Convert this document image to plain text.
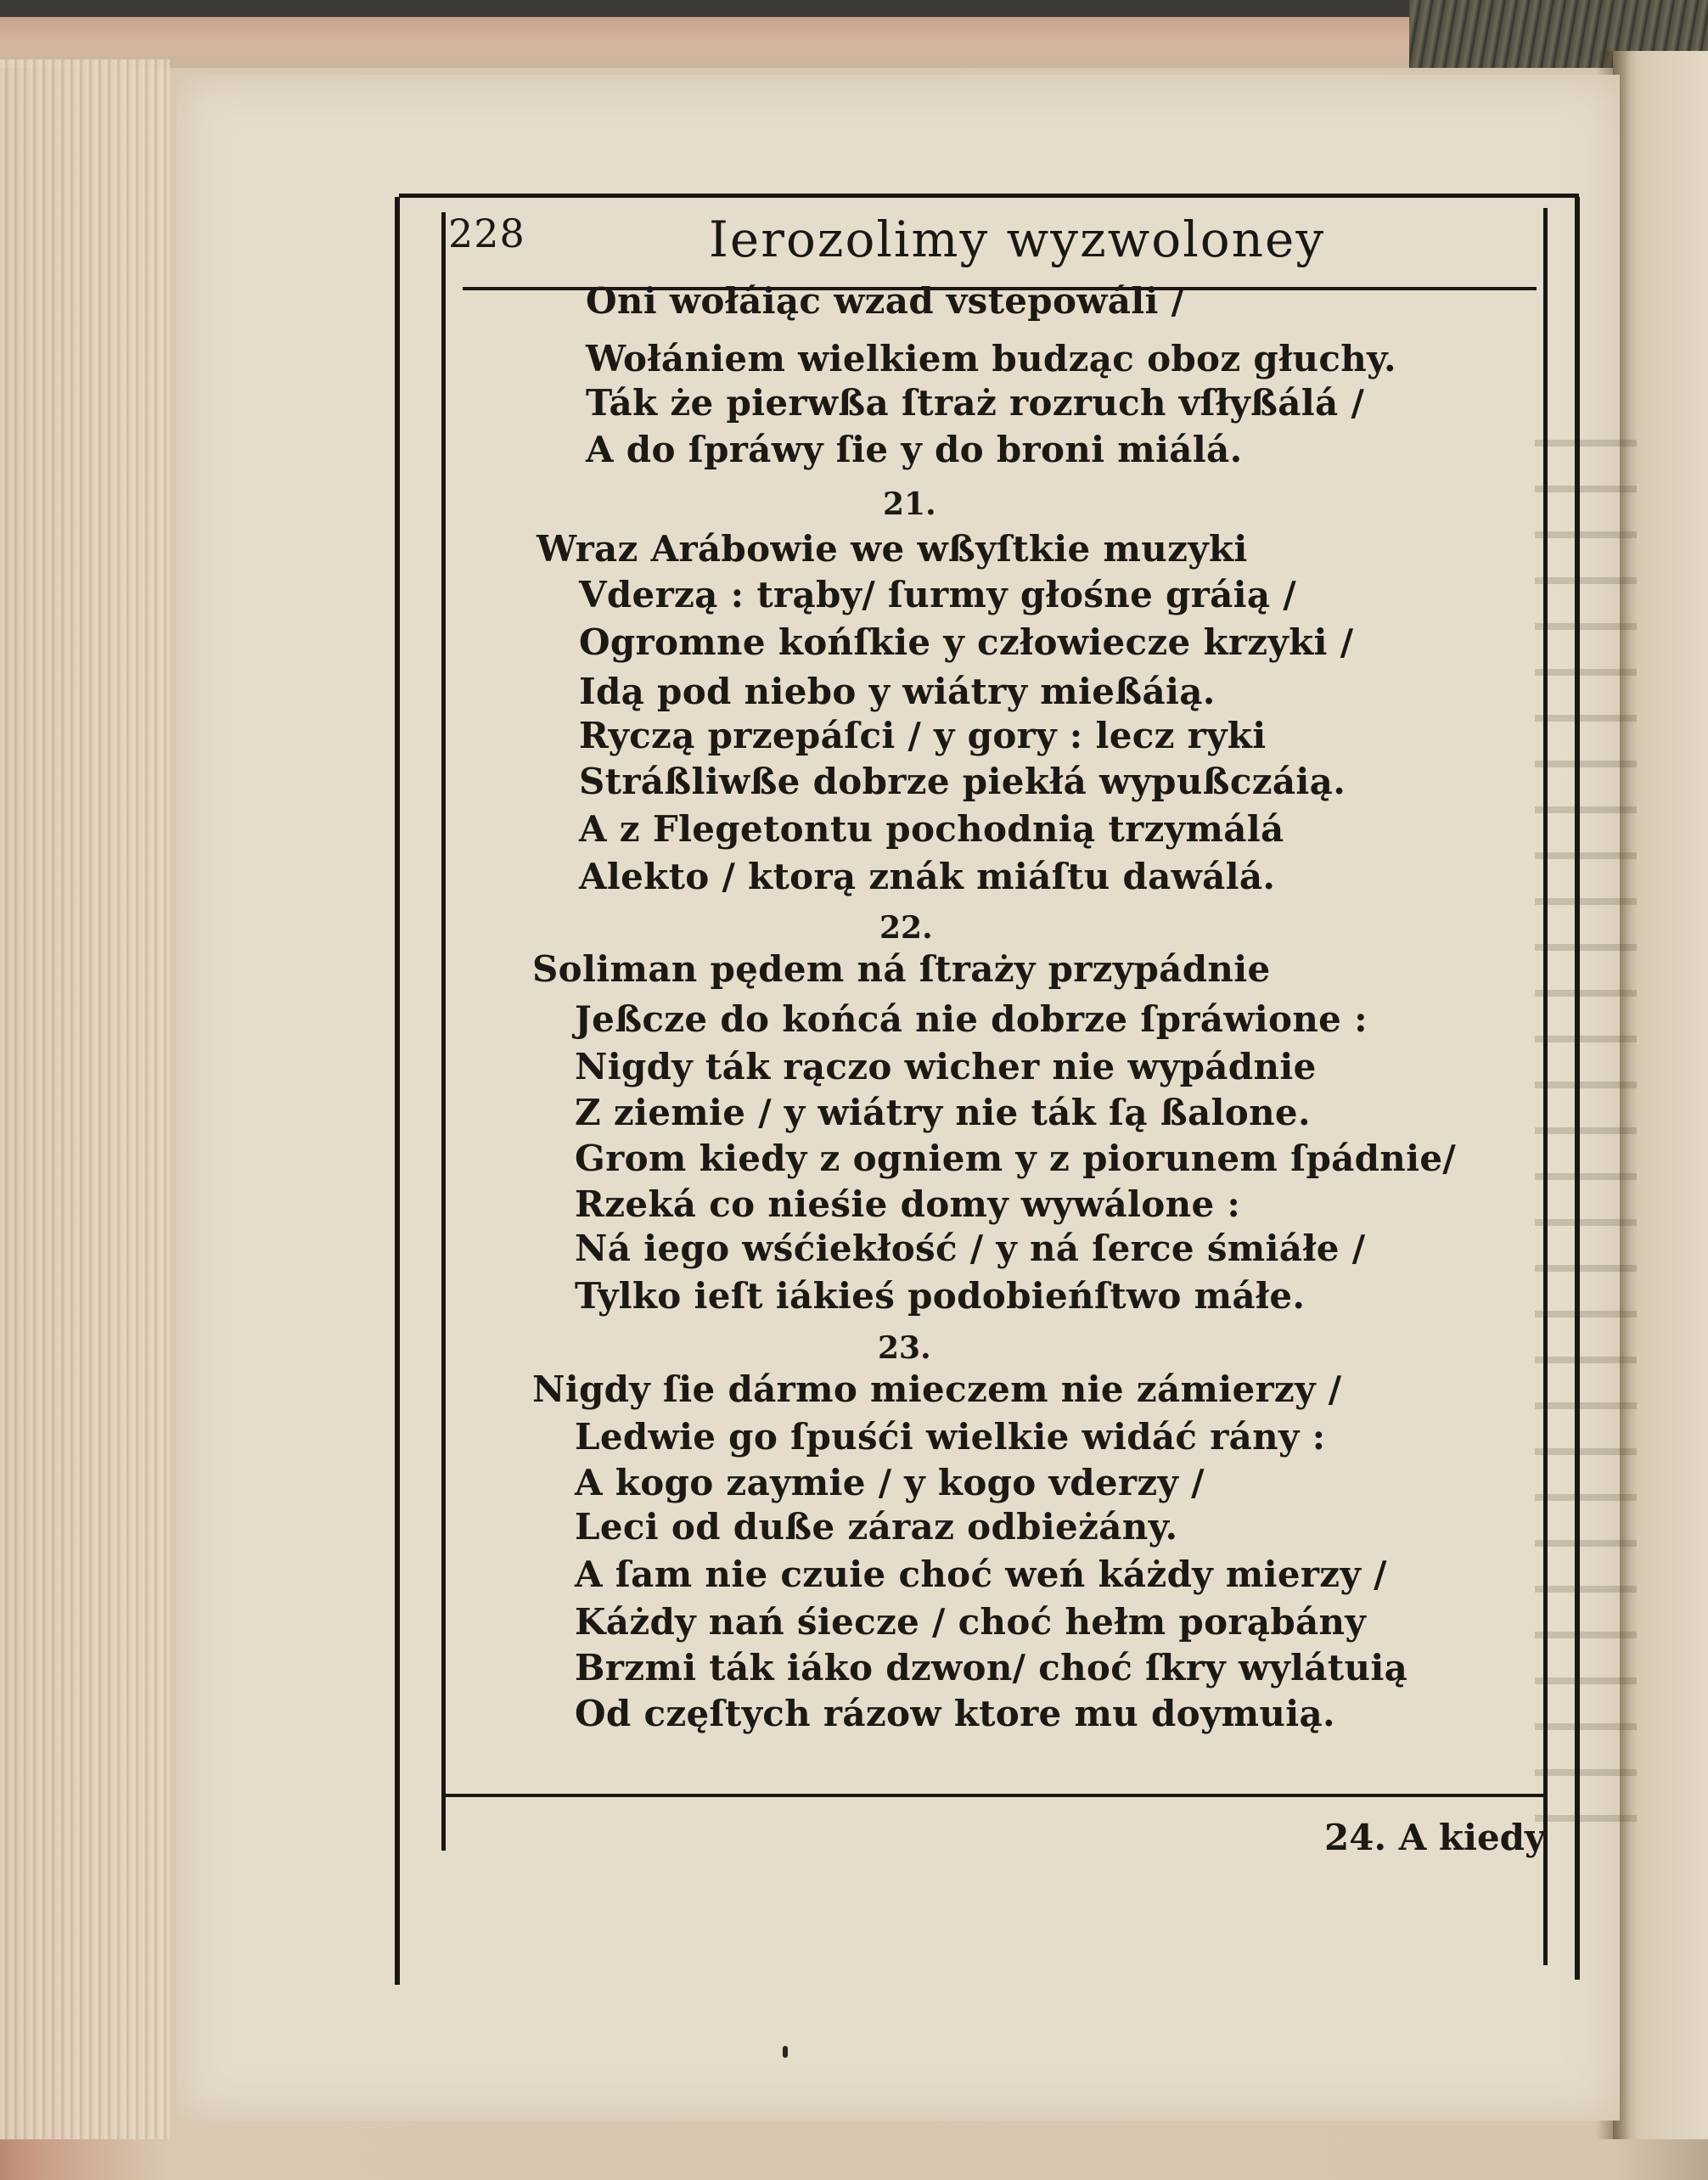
228	Ierozolimy wyzwoloney
Oni wołáiąc wzad vstepowáli /
Wołániem wielkiem budząc oboz głuchy.
Ták że pierwßa ſtraż rozruch vſłyßálá /
A do ſpráwy ſie y do broni miálá.
21.
Wraz Arábowie we wßyſtkie muzyki
Vderzą : trąby/ ſurmy głośne gráią /
Ogromne końſkie y człowiecze krzyki /
Idą pod niebo y wiátry mießáią.
Ryczą przepáſci / y gory : lecz ryki
Stráßliwße dobrze piekłá wypußczáią.
A z Flegetontu pochodnią trzymálá
Alekto / ktorą znák miáſtu dawálá.
22.
Soliman pędem ná ſtraży przypádnie
Jeßcze do końcá nie dobrze ſpráwione :
Nigdy ták rączo wicher nie wypádnie
Z ziemie / y wiátry nie ták ſą ßalone.
Grom kiedy z ogniem y z piorunem ſpádnie/
Rzeká co nieśie domy wywálone :
Ná iego wśćiekłość / y ná ſerce śmiáłe /
Tylko ieſt iákieś podobieńſtwo máłe.
23.
Nigdy ſie dármo mieczem nie zámierzy /
Ledwie go ſpuśći wielkie widáć rány :
A kogo zaymie / y kogo vderzy /
Leci od duße záraz odbieżány.
A ſam nie czuie choć weń káżdy mierzy /
Káżdy nań śiecze / choć hełm porąbány
Brzmi ták iáko dzwon/ choć ſkry wylátuią
Od częſtych rázow ktore mu doymuią.
24. A kiedy
